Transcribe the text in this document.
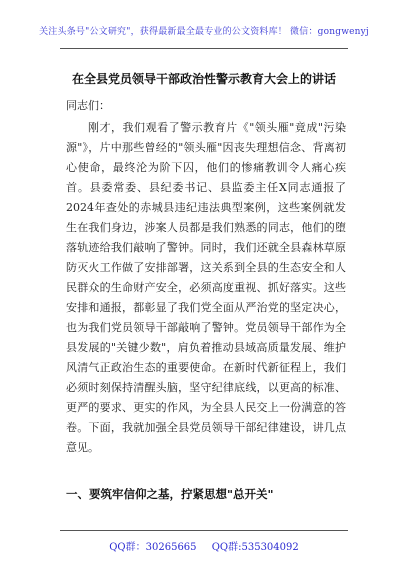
关注头条号"公文研究"，获得最新最全最专业的公文资料库！ 微信：gongwenyj
在全县党员领导干部政治性警示教育大会上的讲话
同志们：
刚才，我们观看了警示教育片《"领头雁"竟成"污染源"》，片中那些曾经的"领头雁"因丧失理想信念、背离初心使命，最终沦为阶下囚，他们的惨痛教训令人痛心疾首。县委常委、县纪委书记、县监委主任X同志通报了2024年查处的赤城县违纪违法典型案例，这些案例就发生在我们身边，涉案人员都是我们熟悉的同志，他们的堕落轨迹给我们敲响了警钟。同时，我们还就全县森林草原防灭火工作做了安排部署，这关系到全县的生态安全和人民群众的生命财产安全，必须高度重视、抓好落实。这些安排和通报，都彰显了我们党全面从严治党的坚定决心，也为我们党员领导干部敲响了警钟。党员领导干部作为全县发展的"关键少数"，肩负着推动县域高质量发展、维护风清气正政治生态的重要使命。在新时代新征程上，我们必须时刻保持清醒头脑，坚守纪律底线，以更高的标准、更严的要求、更实的作风，为全县人民交上一份满意的答卷。下面，我就加强全县党员领导干部纪律建设，讲几点意见。
一、要筑牢信仰之基，拧紧思想"总开关"
QQ群：30265665 QQ群:535304092
